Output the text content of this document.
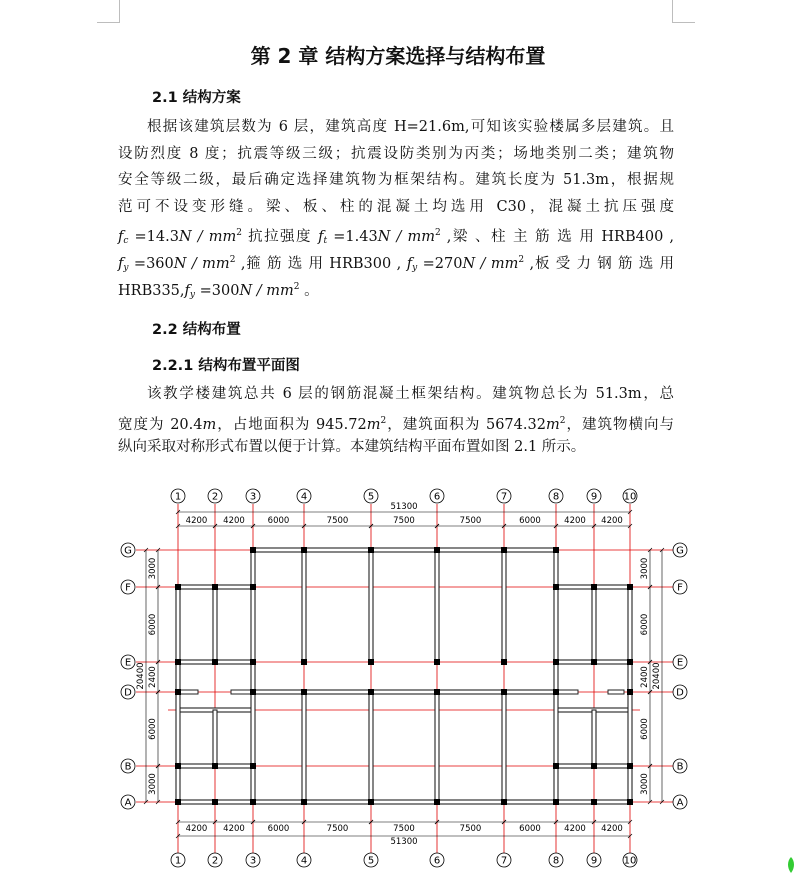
第 2 章 结构方案选择与结构布置
2.1 结构方案
根据该建筑层数为 6 层，建筑高度 H=21.6m,可知该实验楼属多层建筑。且
设防烈度 8 度；抗震等级三级；抗震设防类别为丙类；场地类别二类；建筑物
安全等级二级，最后确定选择建筑物为框架结构。建筑长度为 51.3m，根据规
范可不设变形缝。梁、板、柱的混凝土均选用 C30，混凝土抗压强度
$f_c =14.3N / mm^2$ 抗拉强度 $f_t =1.43N / mm^2$ ,梁 、柱 主 筋 选 用 HRB400 ,
$f_y =360N / mm^2$ ,箍 筋 选 用 HRB300 , $f_y =270N / mm^2$ ,板 受 力 钢 筋 选 用
$HRB335,f_y =300N / mm^2$ 。
2.2 结构布置
2.2.1 结构布置平面图
该教学楼建筑总共 6 层的钢筋混凝土框架结构。建筑物总长为 51.3m，总
宽度为 20.4m，占地面积为 $945.72m^2$，建筑面积为 $5674.32m^2$，建筑物横向与
纵向采取对称形式布置以便于计算。本建筑结构平面布置如图 2.1 所示。
1
1
2
2
3
3
4
4
5
5
6
6
7
7
8
8
9
9
10
10
G	G
F	F
E	E
D	D
B	B
A	A
51300
4200 4200	6000	7500	7500	7500	6000	4200 4200
51300
4200 4200	6000	7500	7500	7500	6000	4200 4200
20400
3000
6000
2400
6000
3000
20400
3000
6000
2400
6000
3000
